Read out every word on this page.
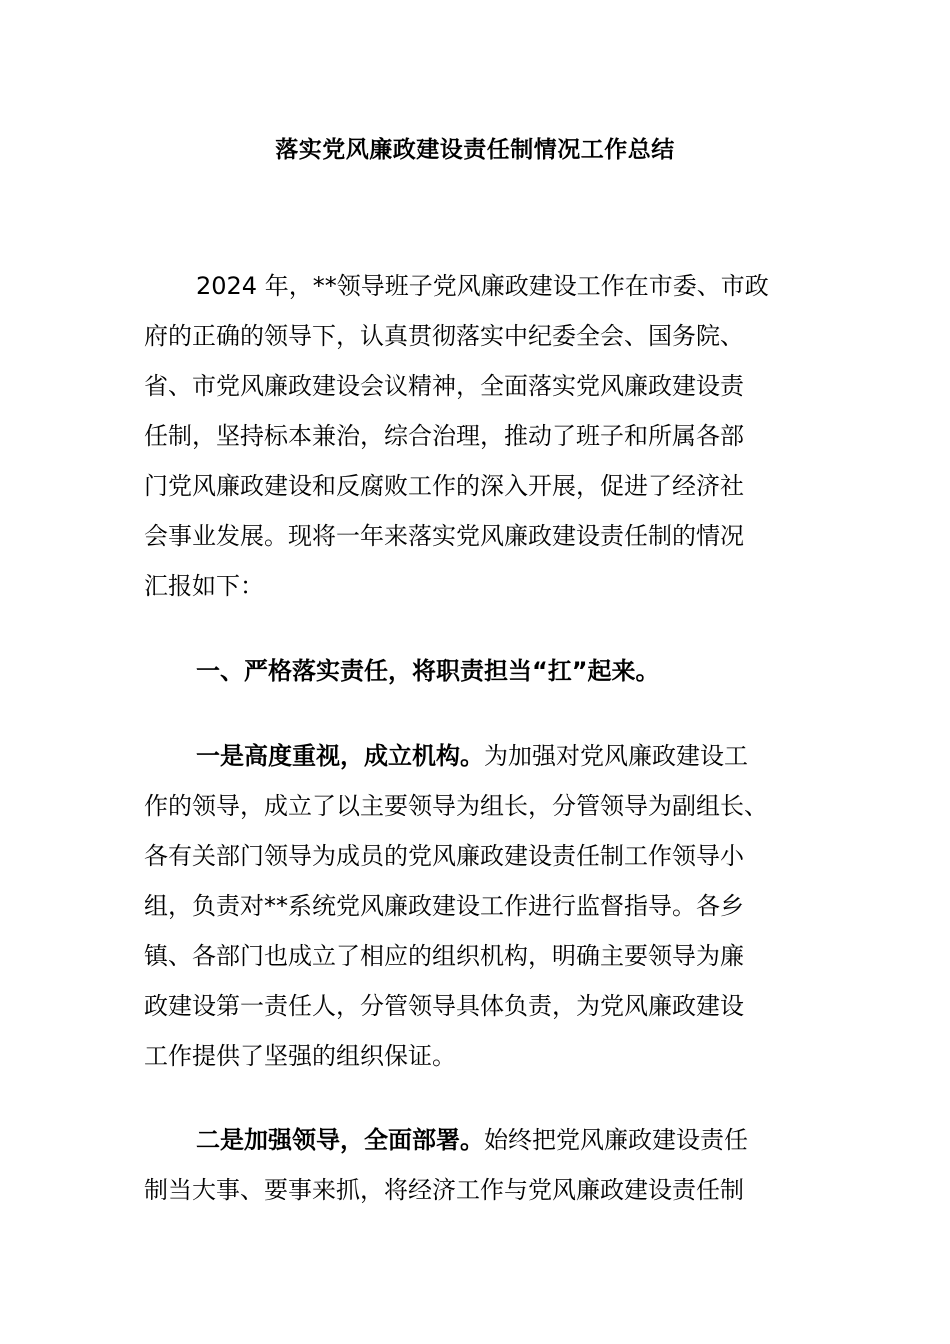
落实党风廉政建设责任制情况工作总结
2024 年，**领导班子党风廉政建设工作在市委、市政
府的正确的领导下，认真贯彻落实中纪委全会、国务院、
省、市党风廉政建设会议精神，全面落实党风廉政建设责
任制，坚持标本兼治，综合治理，推动了班子和所属各部
门党风廉政建设和反腐败工作的深入开展，促进了经济社
会事业发展。现将一年来落实党风廉政建设责任制的情况
汇报如下：
一、严格落实责任，将职责担当“扛”起来。
一是高度重视，成立机构。为加强对党风廉政建设工
作的领导，成立了以主要领导为组长，分管领导为副组长、
各有关部门领导为成员的党风廉政建设责任制工作领导小
组，负责对**系统党风廉政建设工作进行监督指导。各乡
镇、各部门也成立了相应的组织机构，明确主要领导为廉
政建设第一责任人，分管领导具体负责，为党风廉政建设
工作提供了坚强的组织保证。
二是加强领导，全面部署。始终把党风廉政建设责任
制当大事、要事来抓，将经济工作与党风廉政建设责任制
